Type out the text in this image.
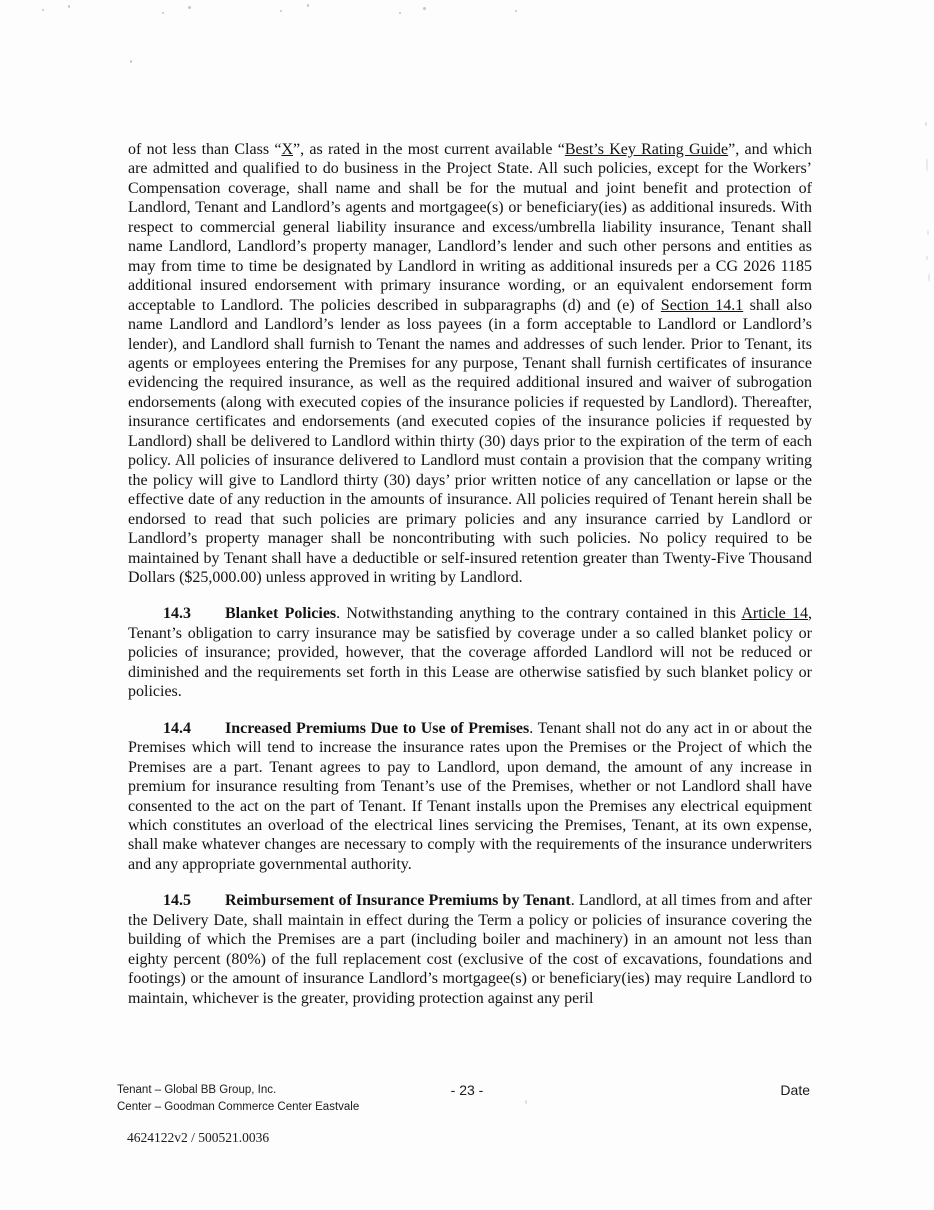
of not less than Class “X”, as rated in the most current available “Best’s Key Rating Guide”, and which are admitted and qualified to do business in the Project State. All such policies, except for the Workers’ Compensation coverage, shall name and shall be for the mutual and joint benefit and protection of Landlord, Tenant and Landlord’s agents and mortgagee(s) or beneficiary(ies) as additional insureds. With respect to commercial general liability insurance and excess/umbrella liability insurance, Tenant shall name Landlord, Landlord’s property manager, Landlord’s lender and such other persons and entities as may from time to time be designated by Landlord in writing as additional insureds per a CG 2026 1185 additional insured endorsement with primary insurance wording, or an equivalent endorsement form acceptable to Landlord. The policies described in subparagraphs (d) and (e) of Section 14.1 shall also name Landlord and Landlord’s lender as loss payees (in a form acceptable to Landlord or Landlord’s lender), and Landlord shall furnish to Tenant the names and addresses of such lender. Prior to Tenant, its agents or employees entering the Premises for any purpose, Tenant shall furnish certificates of insurance evidencing the required insurance, as well as the required additional insured and waiver of subrogation endorsements (along with executed copies of the insurance policies if requested by Landlord). Thereafter, insurance certificates and endorsements (and executed copies of the insurance policies if requested by Landlord) shall be delivered to Landlord within thirty (30) days prior to the expiration of the term of each policy. All policies of insurance delivered to Landlord must contain a provision that the company writing the policy will give to Landlord thirty (30) days’ prior written notice of any cancellation or lapse or the effective date of any reduction in the amounts of insurance. All policies required of Tenant herein shall be endorsed to read that such policies are primary policies and any insurance carried by Landlord or Landlord’s property manager shall be noncontributing with such policies. No policy required to be maintained by Tenant shall have a deductible or self-insured retention greater than Twenty-Five Thousand Dollars ($25,000.00) unless approved in writing by Landlord.

14.3 Blanket Policies. Notwithstanding anything to the contrary contained in this Article 14, Tenant’s obligation to carry insurance may be satisfied by coverage under a so called blanket policy or policies of insurance; provided, however, that the coverage afforded Landlord will not be reduced or diminished and the requirements set forth in this Lease are otherwise satisfied by such blanket policy or policies.

14.4 Increased Premiums Due to Use of Premises. Tenant shall not do any act in or about the Premises which will tend to increase the insurance rates upon the Premises or the Project of which the Premises are a part. Tenant agrees to pay to Landlord, upon demand, the amount of any increase in premium for insurance resulting from Tenant’s use of the Premises, whether or not Landlord shall have consented to the act on the part of Tenant. If Tenant installs upon the Premises any electrical equipment which constitutes an overload of the electrical lines servicing the Premises, Tenant, at its own expense, shall make whatever changes are necessary to comply with the requirements of the insurance underwriters and any appropriate governmental authority.

14.5 Reimbursement of Insurance Premiums by Tenant. Landlord, at all times from and after the Delivery Date, shall maintain in effect during the Term a policy or policies of insurance covering the building of which the Premises are a part (including boiler and machinery) in an amount not less than eighty percent (80%) of the full replacement cost (exclusive of the cost of excavations, foundations and footings) or the amount of insurance Landlord’s mortgagee(s) or beneficiary(ies) may require Landlord to maintain, whichever is the greater, providing protection against any peril

Tenant – Global BB Group, Inc.
Center – Goodman Commerce Center Eastvale
- 23 -	Date
4624122v2 / 500521.0036
